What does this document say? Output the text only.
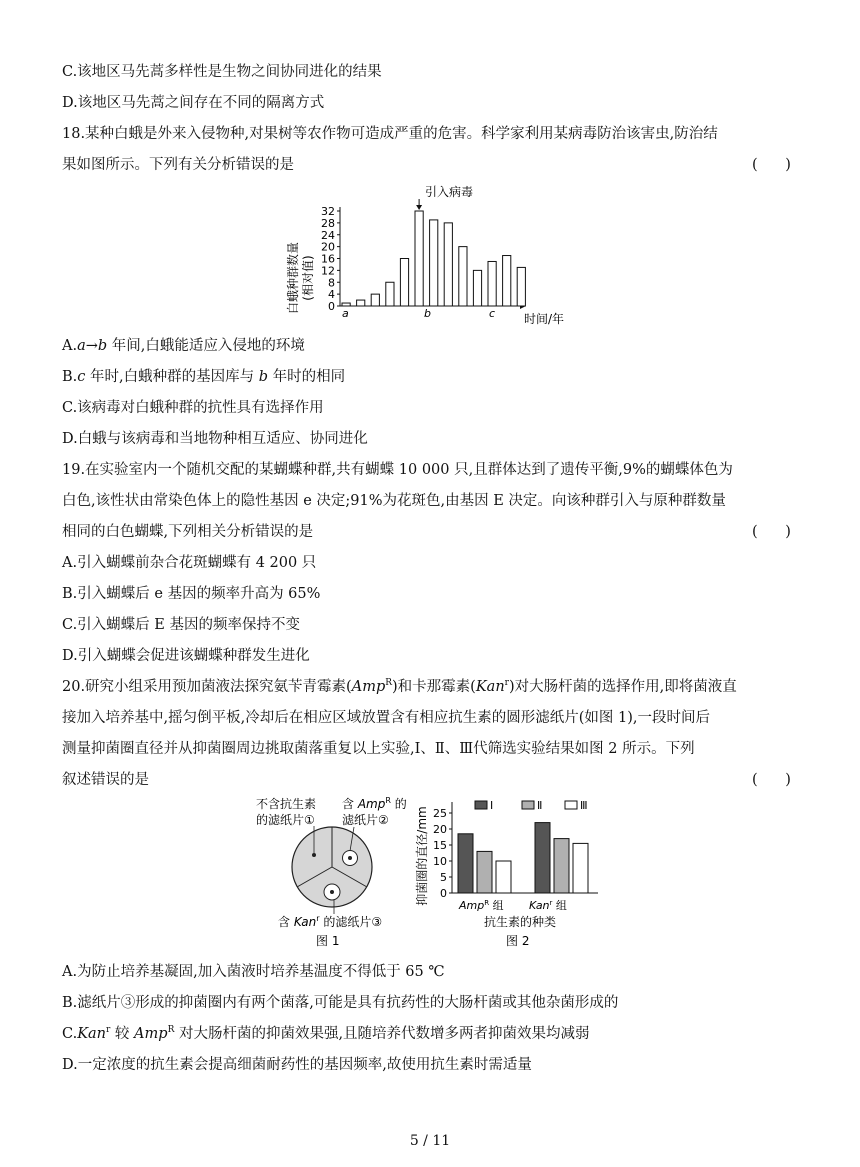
C.该地区马先蒿多样性是生物之间协同进化的结果
D.该地区马先蒿之间存在不同的隔离方式
18.某种白蛾是外来入侵物种,对果树等农作物可造成严重的危害。科学家利用某病毒防治该害虫,防治结
果如图所示。下列有关分析错误的是	(      )
0
4
8
12
16
20
24
28
32
引入病毒
白蛾种群数量 (相对值)
a	b	c 时间/年
A.a→b 年间,白蛾能适应入侵地的环境
B.c 年时,白蛾种群的基因库与 b 年时的相同
C.该病毒对白蛾种群的抗性具有选择作用
D.白蛾与该病毒和当地物种相互适应、协同进化
19.在实验室内一个随机交配的某蝴蝶种群,共有蝴蝶 10 000 只,且群体达到了遗传平衡,9%的蝴蝶体色为
白色,该性状由常染色体上的隐性基因 e 决定;91%为花斑色,由基因 E 决定。向该种群引入与原种群数量
相同的白色蝴蝶,下列相关分析错误的是	(      )
A.引入蝴蝶前杂合花斑蝴蝶有 4 200 只
B.引入蝴蝶后 e 基因的频率升高为 65%
C.引入蝴蝶后 E 基因的频率保持不变
D.引入蝴蝶会促进该蝴蝶种群发生进化
20.研究小组采用预加菌液法探究氨苄青霉素(Amp$^R$)和卡那霉素(Kan$^r$)对大肠杆菌的选择作用,即将菌液直
接加入培养基中,摇匀倒平板,冷却后在相应区域放置含有相应抗生素的圆形滤纸片(如图 1),一段时间后
测量抑菌圈直径并从抑菌圈周边挑取菌落重复以上实验,Ⅰ、Ⅱ、Ⅲ代筛选实验结果如图 2 所示。下列
叙述错误的是	(      )
不含抗生素
的滤纸片①
含 Amp$^R$ 的
滤纸片②
含 Kan$^r$ 的滤纸片③
图 1
Ⅰ	Ⅱ	Ⅲ
0
5
10
15
20
25
抑菌圈的直径/mm	Amp$^R$ 组 Kan$^r$ 组
抗生素的种类
图 2
A.为防止培养基凝固,加入菌液时培养基温度不得低于 65 ℃
B.滤纸片③形成的抑菌圈内有两个菌落,可能是具有抗药性的大肠杆菌或其他杂菌形成的
C.Kan$^r$ 较 Amp$^R$ 对大肠杆菌的抑菌效果强,且随培养代数增多两者抑菌效果均减弱
D.一定浓度的抗生素会提高细菌耐药性的基因频率,故使用抗生素时需适量
5 / 11
